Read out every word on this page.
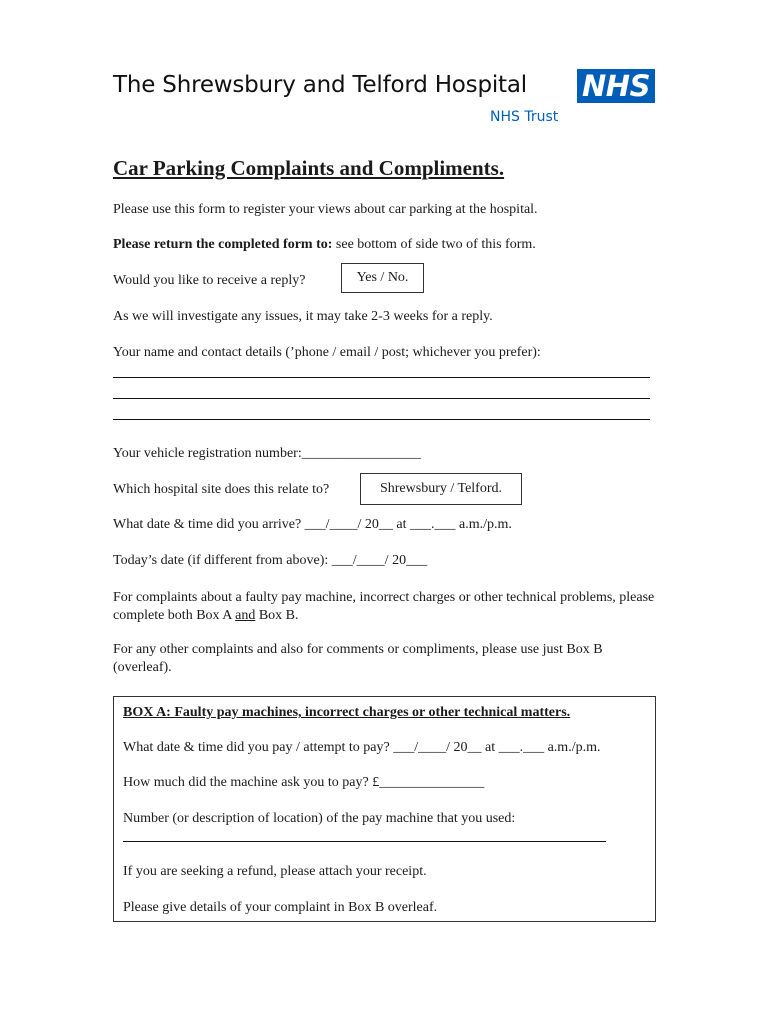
The Shrewsbury and Telford Hospital NHS
NHS Trust
Car Parking Complaints and Compliments.
Please use this form to register your views about car parking at the hospital.
Please return the completed form to: see bottom of side two of this form.
Would you like to receive a reply?	Yes / No.
As we will investigate any issues, it may take 2-3 weeks for a reply.
Your name and contact details (’phone / email / post; whichever you prefer):
Your vehicle registration number:_________________
Which hospital site does this relate to?	Shrewsbury / Telford.
What date & time did you arrive? ___/____/ 20__ at ___.___ a.m./p.m.
Today’s date (if different from above): ___/____/ 20___
For complaints about a faulty pay machine, incorrect charges or other technical problems, please complete both Box A and Box B.
For any other complaints and also for comments or compliments, please use just Box B (overleaf).
BOX A: Faulty pay machines, incorrect charges or other technical matters.
What date & time did you pay / attempt to pay? ___/____/ 20__ at ___.___ a.m./p.m.
How much did the machine ask you to pay? £_______________
Number (or description of location) of the pay machine that you used:
If you are seeking a refund, please attach your receipt.
Please give details of your complaint in Box B overleaf.
